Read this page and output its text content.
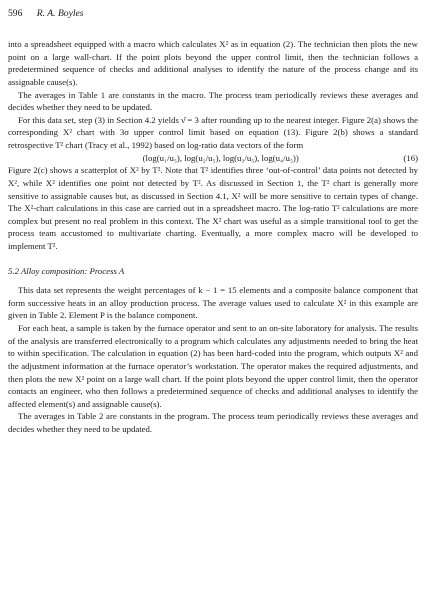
596 R. A. Boyles

into a spreadsheet equipped with a macro which calculates X² as in equation (2). The technician then plots the new point on a large wall-chart. If the point plots beyond the upper control limit, then the technician follows a predetermined sequence of checks and additional analyses to identify the nature of the process change and its assignable cause(s).

The averages in Table 1 are constants in the macro. The process team periodically reviews these averages and decides whether they need to be updated.

For this data set, step (3) in Section 4.2 yields ν̂ = 3 after rounding up to the nearest integer. Figure 2(a) shows the corresponding X² chart with 3σ upper control limit based on equation (13). Figure 2(b) shows a standard retrospective T² chart (Tracy et al., 1992) based on log-ratio data vectors of the form

(log(u₁/u₅), log(u₂/u₅), log(u₃/u₅), log(u₄/u₅))	(16)

Figure 2(c) shows a scatterplot of X² by T². Note that T² identifies three ‘out-of-control’ data points not detected by X², while X² identifies one point not detected by T². As discussed in Section 1, the T² chart is generally more sensitive to assignable causes but, as discussed in Section 4.1, X² will be more sensitive to certain types of change. The X²-chart calculations in this case are carried out in a spreadsheet macro. The log-ratio T² calculations are more complex but present no real problem in this context. The X² chart was useful as a simple transitional tool to get the process team accustomed to multivariate charting. Eventually, a more complex macro will be developed to implement T².

5.2 Alloy composition: Process A

This data set represents the weight percentages of k − 1 = 15 elements and a composite balance component that form successive heats in an alloy production process. The average values used to calculate X² in this example are given in Table 2. Element P is the balance component.

For each heat, a sample is taken by the furnace operator and sent to an on-site laboratory for analysis. The results of the analysis are transferred electronically to a program which calculates any adjustments needed to bring the heat to within specification. The calculation in equation (2) has been hard-coded into the program, which outputs X² and the adjustment information at the furnace operator’s workstation. The operator makes the required adjustments, and then plots the new X² point on a large wall chart. If the point plots beyond the upper control limit, then the operator contacts an engineer, who then follows a predetermined sequence of checks and additional analyses to identify the affected element(s) and assignable cause(s).

The averages in Table 2 are constants in the program. The process team periodically reviews these averages and decides whether they need to be updated.
